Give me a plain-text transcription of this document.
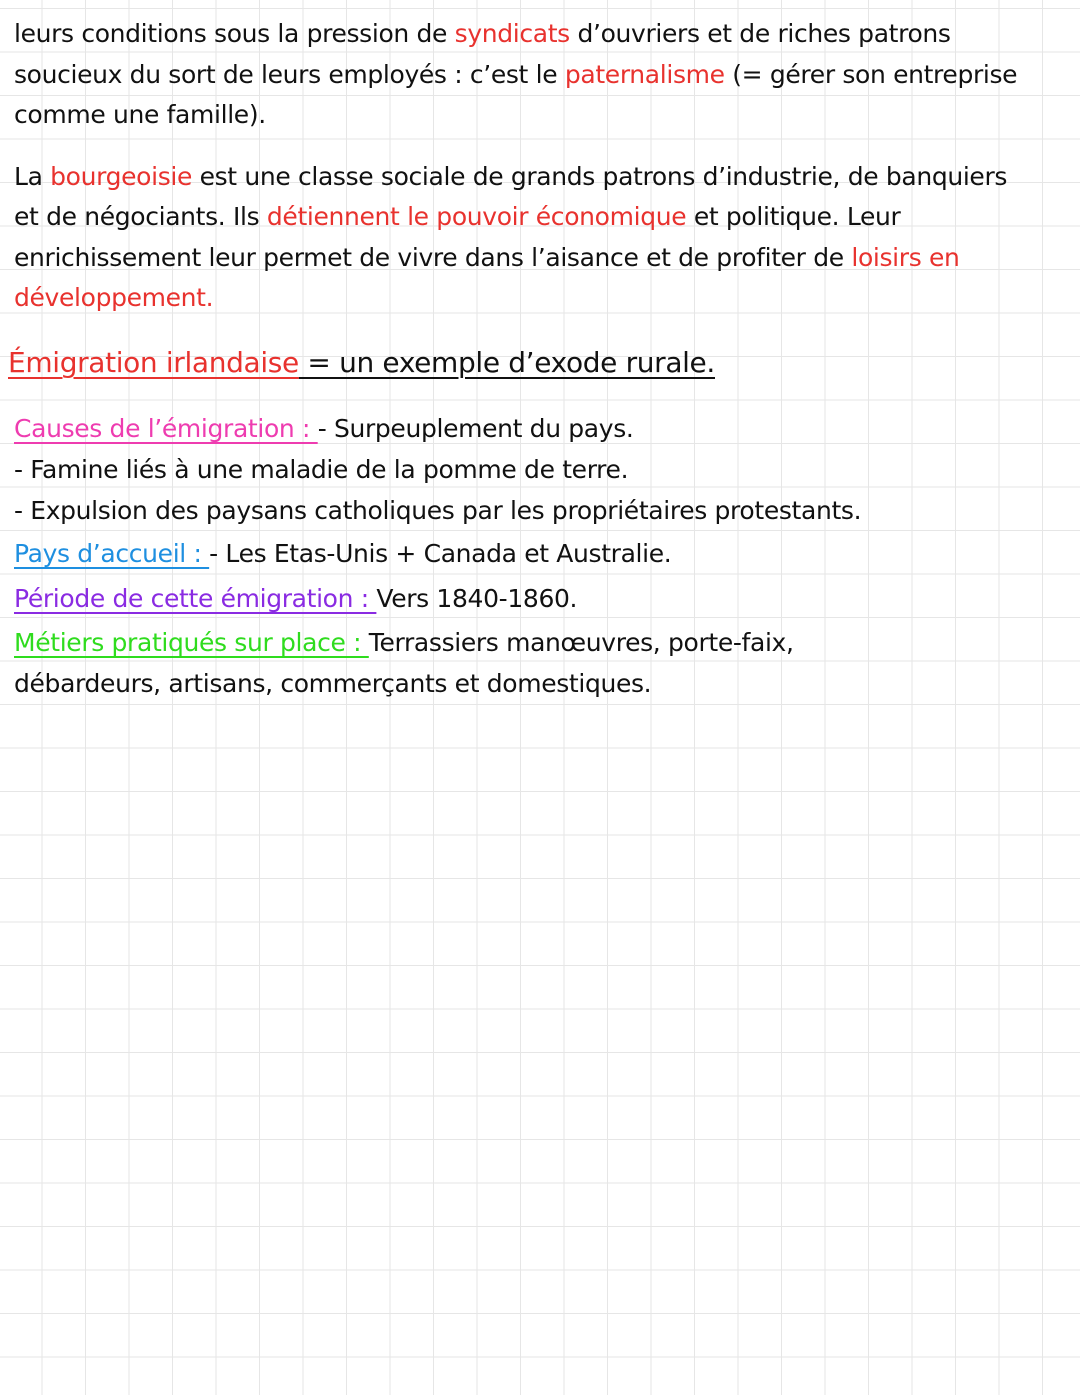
leurs conditions sous la pression de syndicats d’ouvriers et de riches patrons
soucieux du sort de leurs employés : c’est le paternalisme (= gérer son entreprise
comme une famille).
La bourgeoisie est une classe sociale de grands patrons d’industrie, de banquiers
et de négociants. Ils détiennent le pouvoir économique et politique. Leur
enrichissement leur permet de vivre dans l’aisance et de profiter de loisirs en
développement.
Émigration irlandaise = un exemple d’exode rurale.
Causes de l’émigration : - Surpeuplement du pays.
- Famine liés à une maladie de la pomme de terre.
- Expulsion des paysans catholiques par les propriétaires protestants.
Pays d’accueil : - Les Etas-Unis + Canada et Australie.
Période de cette émigration : Vers 1840-1860.
Métiers pratiqués sur place : Terrassiers manœuvres, porte-faix,
débardeurs, artisans, commerçants et domestiques.
